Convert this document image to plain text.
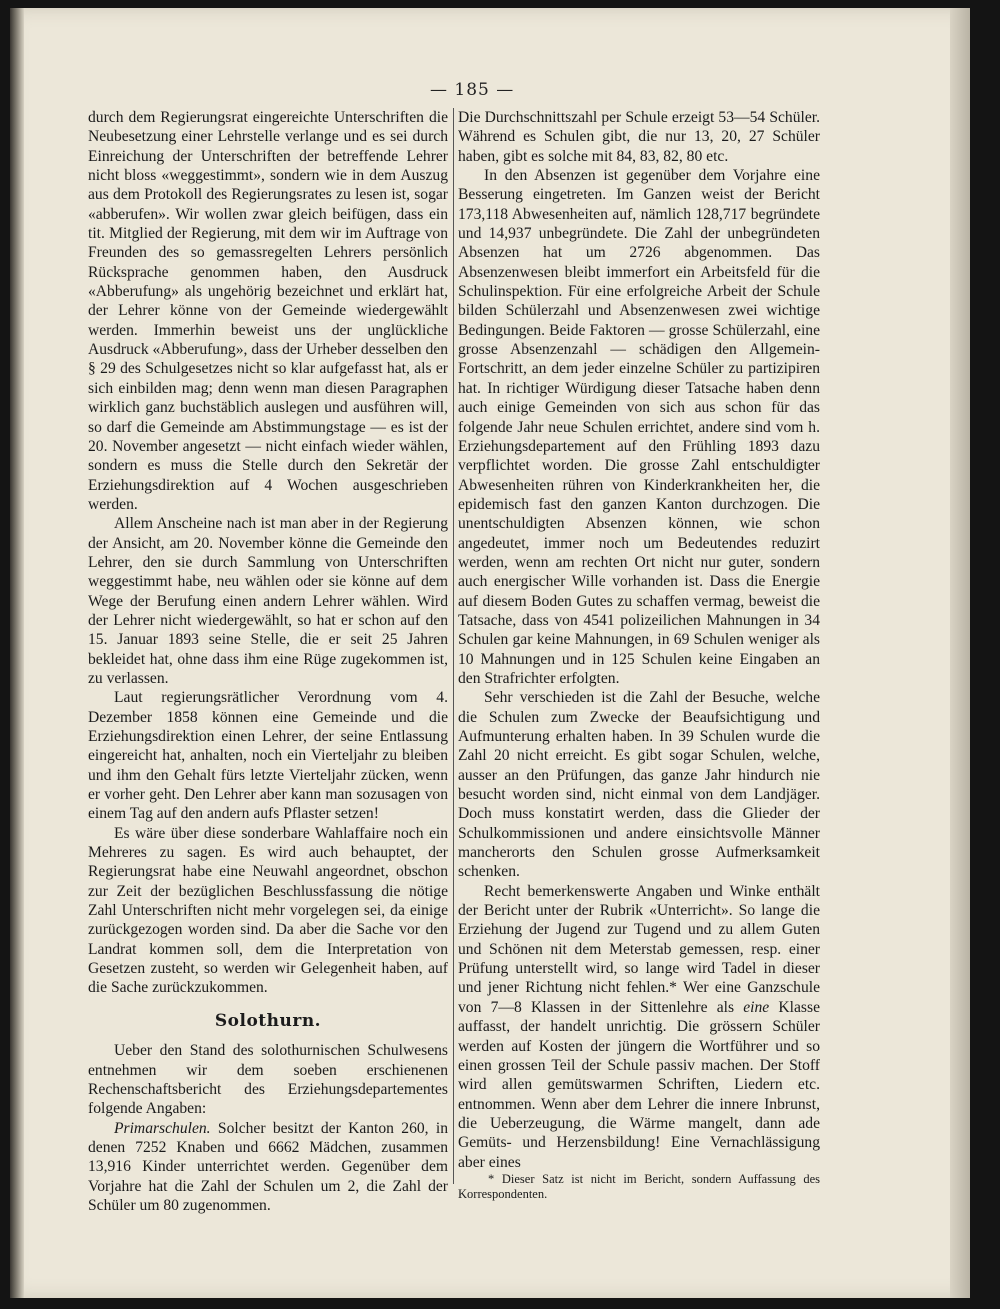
— 185 —

durch dem Regierungsrat eingereichte Unterschriften die Neubesetzung einer Lehrstelle verlange und es sei durch Einreichung der Unterschriften der betreffende Lehrer nicht bloss «weggestimmt», sondern wie in dem Auszug aus dem Protokoll des Regierungsrates zu lesen ist, sogar «abberufen». Wir wollen zwar gleich beifügen, dass ein tit. Mitglied der Regierung, mit dem wir im Auftrage von Freunden des so gemassregelten Lehrers persönlich Rücksprache genommen haben, den Ausdruck «Abberufung» als ungehörig bezeichnet und erklärt hat, der Lehrer könne von der Gemeinde wiedergewählt werden. Immerhin beweist uns der unglückliche Ausdruck «Abberufung», dass der Urheber desselben den § 29 des Schulgesetzes nicht so klar aufgefasst hat, als er sich einbilden mag; denn wenn man diesen Paragraphen wirklich ganz buchstäblich auslegen und ausführen will, so darf die Gemeinde am Abstimmungstage — es ist der 20. November angesetzt — nicht einfach wieder wählen, sondern es muss die Stelle durch den Sekretär der Erziehungsdirektion auf 4 Wochen ausgeschrieben werden.

Allem Anscheine nach ist man aber in der Regierung der Ansicht, am 20. November könne die Gemeinde den Lehrer, den sie durch Sammlung von Unterschriften weggestimmt habe, neu wählen oder sie könne auf dem Wege der Berufung einen andern Lehrer wählen. Wird der Lehrer nicht wiedergewählt, so hat er schon auf den 15. Januar 1893 seine Stelle, die er seit 25 Jahren bekleidet hat, ohne dass ihm eine Rüge zugekommen ist, zu verlassen.

Laut regierungsrätlicher Verordnung vom 4. Dezember 1858 können eine Gemeinde und die Erziehungsdirektion einen Lehrer, der seine Entlassung eingereicht hat, anhalten, noch ein Vierteljahr zu bleiben und ihm den Gehalt fürs letzte Vierteljahr zücken, wenn er vorher geht. Den Lehrer aber kann man sozusagen von einem Tag auf den andern aufs Pflaster setzen!

Es wäre über diese sonderbare Wahlaffaire noch ein Mehreres zu sagen. Es wird auch behauptet, der Regierungsrat habe eine Neuwahl angeordnet, obschon zur Zeit der bezüglichen Beschlussfassung die nötige Zahl Unterschriften nicht mehr vorgelegen sei, da einige zurückgezogen worden sind. Da aber die Sache vor den Landrat kommen soll, dem die Interpretation von Gesetzen zusteht, so werden wir Gelegenheit haben, auf die Sache zurückzukommen.

Solothurn.

Ueber den Stand des solothurnischen Schulwesens entnehmen wir dem soeben erschienenen Rechenschaftsbericht des Erziehungsdepartementes folgende Angaben:

Primarschulen. Solcher besitzt der Kanton 260, in denen 7252 Knaben und 6662 Mädchen, zusammen 13,916 Kinder unterrichtet werden. Gegenüber dem Vorjahre hat die Zahl der Schulen um 2, die Zahl der Schüler um 80 zugenommen.

Die Durchschnittszahl per Schule erzeigt 53—54 Schüler. Während es Schulen gibt, die nur 13, 20, 27 Schüler haben, gibt es solche mit 84, 83, 82, 80 etc.

In den Absenzen ist gegenüber dem Vorjahre eine Besserung eingetreten. Im Ganzen weist der Bericht 173,118 Abwesenheiten auf, nämlich 128,717 begründete und 14,937 unbegründete. Die Zahl der unbegründeten Absenzen hat um 2726 abgenommen. Das Absenzenwesen bleibt immerfort ein Arbeitsfeld für die Schulinspektion. Für eine erfolgreiche Arbeit der Schule bilden Schülerzahl und Absenzenwesen zwei wichtige Bedingungen. Beide Faktoren — grosse Schülerzahl, eine grosse Absenzenzahl — schädigen den Allgemein-Fortschritt, an dem jeder einzelne Schüler zu partizipiren hat. In richtiger Würdigung dieser Tatsache haben denn auch einige Gemeinden von sich aus schon für das folgende Jahr neue Schulen errichtet, andere sind vom h. Erziehungsdepartement auf den Frühling 1893 dazu verpflichtet worden. Die grosse Zahl entschuldigter Abwesenheiten rühren von Kinderkrankheiten her, die epidemisch fast den ganzen Kanton durchzogen. Die unentschuldigten Absenzen können, wie schon angedeutet, immer noch um Bedeutendes reduzirt werden, wenn am rechten Ort nicht nur guter, sondern auch energischer Wille vorhanden ist. Dass die Energie auf diesem Boden Gutes zu schaffen vermag, beweist die Tatsache, dass von 4541 polizeilichen Mahnungen in 34 Schulen gar keine Mahnungen, in 69 Schulen weniger als 10 Mahnungen und in 125 Schulen keine Eingaben an den Strafrichter erfolgten.

Sehr verschieden ist die Zahl der Besuche, welche die Schulen zum Zwecke der Beaufsichtigung und Aufmunterung erhalten haben. In 39 Schulen wurde die Zahl 20 nicht erreicht. Es gibt sogar Schulen, welche, ausser an den Prüfungen, das ganze Jahr hindurch nie besucht worden sind, nicht einmal von dem Landjäger. Doch muss konstatirt werden, dass die Glieder der Schulkommissionen und andere einsichtsvolle Männer mancherorts den Schulen grosse Aufmerksamkeit schenken.

Recht bemerkenswerte Angaben und Winke enthält der Bericht unter der Rubrik «Unterricht». So lange die Erziehung der Jugend zur Tugend und zu allem Guten und Schönen nit dem Meterstab gemessen, resp. einer Prüfung unterstellt wird, so lange wird Tadel in dieser und jener Richtung nicht fehlen.* Wer eine Ganzschule von 7—8 Klassen in der Sittenlehre als eine Klasse auffasst, der handelt unrichtig. Die grössern Schüler werden auf Kosten der jüngern die Wortführer und so einen grossen Teil der Schule passiv machen. Der Stoff wird allen gemütswarmen Schriften, Liedern etc. entnommen. Wenn aber dem Lehrer die innere Inbrunst, die Ueberzeugung, die Wärme mangelt, dann ade Gemüts- und Herzensbildung! Eine Vernachlässigung aber eines

* Dieser Satz ist nicht im Bericht, sondern Auffassung des Korrespondenten.
